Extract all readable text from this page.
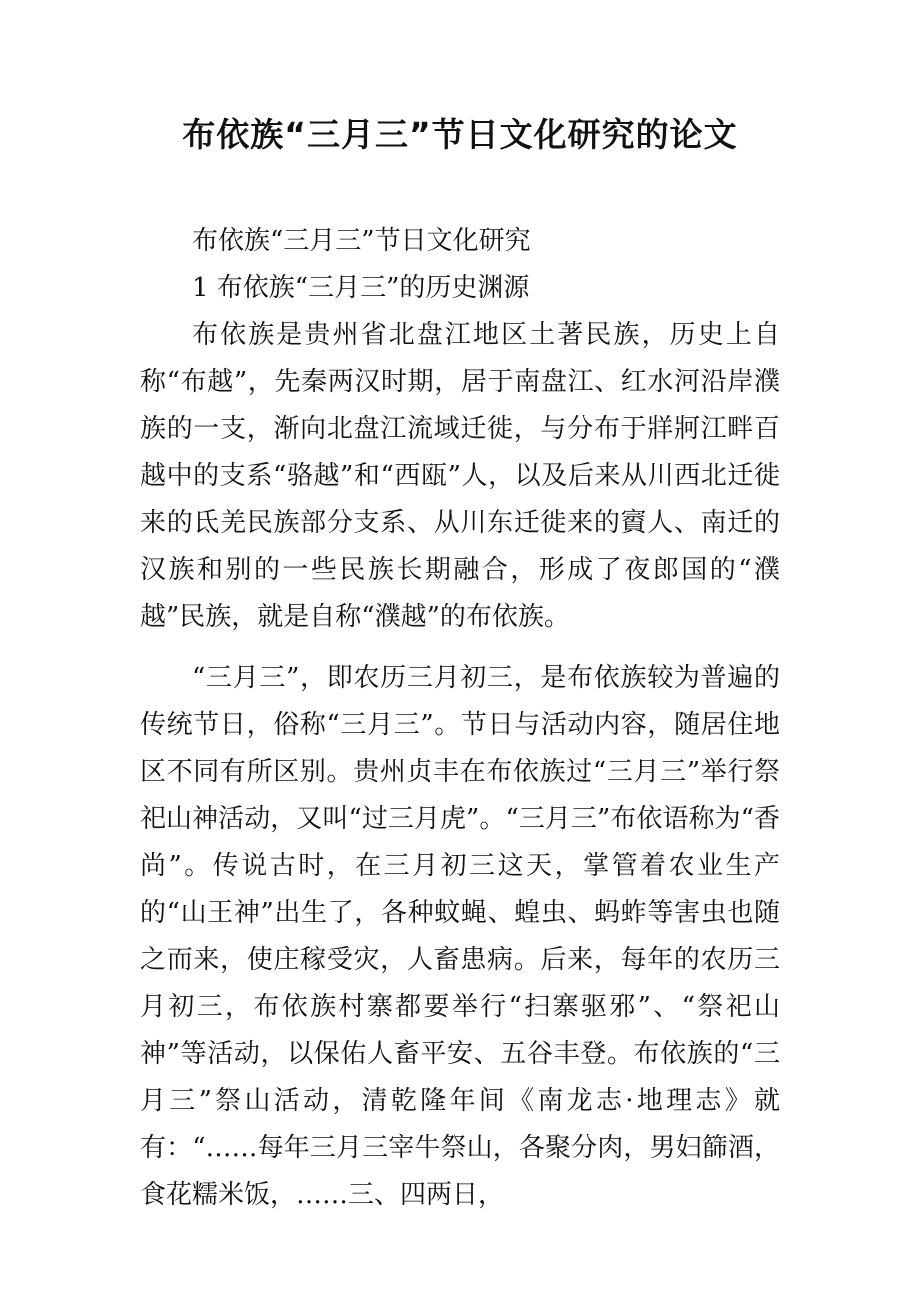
布依族“三月三”节日文化研究的论文

布依族“三月三”节日文化研究

1 布依族“三月三”的历史渊源

布依族是贵州省北盘江地区土著民族，历史上自称“布越”，先秦两汉时期，居于南盘江、红水河沿岸濮族的一支，渐向北盘江流域迁徙，与分布于牂牁江畔百越中的支系“骆越”和“西瓯”人，以及后来从川西北迁徙来的氐羌民族部分支系、从川东迁徙来的賨人、南迁的汉族和别的一些民族长期融合，形成了夜郎国的“濮越”民族，就是自称“濮越”的布依族。

“三月三”，即农历三月初三，是布依族较为普遍的传统节日，俗称“三月三”。节日与活动内容，随居住地区不同有所区别。贵州贞丰在布依族过“三月三”举行祭祀山神活动，又叫“过三月虎”。“三月三”布依语称为“香尚”。传说古时，在三月初三这天，掌管着农业生产的“山王神”出生了，各种蚊蝇、蝗虫、蚂蚱等害虫也随之而来，使庄稼受灾，人畜患病。后来，每年的农历三月初三，布依族村寨都要举行“扫寨驱邪”、“祭祀山神”等活动，以保佑人畜平安、五谷丰登。布依族的“三月三”祭山活动，清乾隆年间《南龙志·地理志》就有：“……每年三月三宰牛祭山，各聚分肉，男妇篩酒，食花糯米饭，……三、四两日，
